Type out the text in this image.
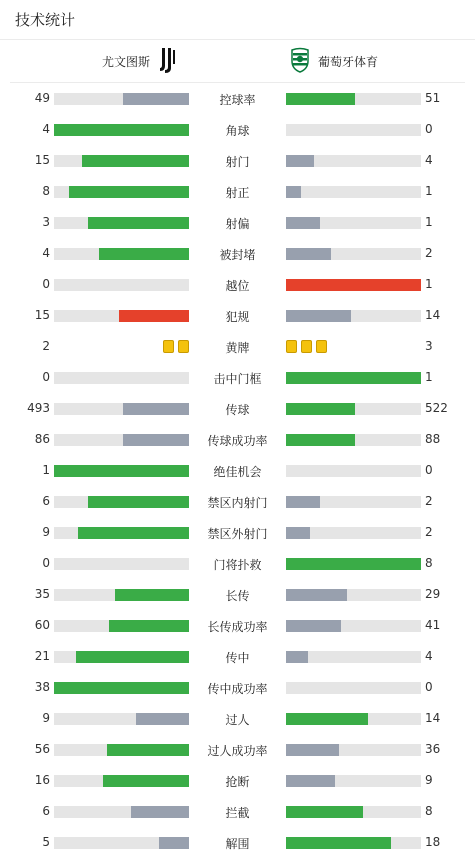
技术统计
尤文图斯	葡萄牙体育
49	控球率	51
4	角球	0
15	射门	4
8	射正	1
3	射偏	1
4	被封堵	2
0	越位	1
15	犯规	14
2	黄牌	3
0	击中门框	1
493	传球	522
86	传球成功率	88
1	绝佳机会	0
6	禁区内射门	2
9	禁区外射门	2
0	门将扑救	8
35	长传	29
60	长传成功率	41
21	传中	4
38	传中成功率	0
9	过人	14
56	过人成功率	36
16	抢断	9
6	拦截	8
5	解围	18
